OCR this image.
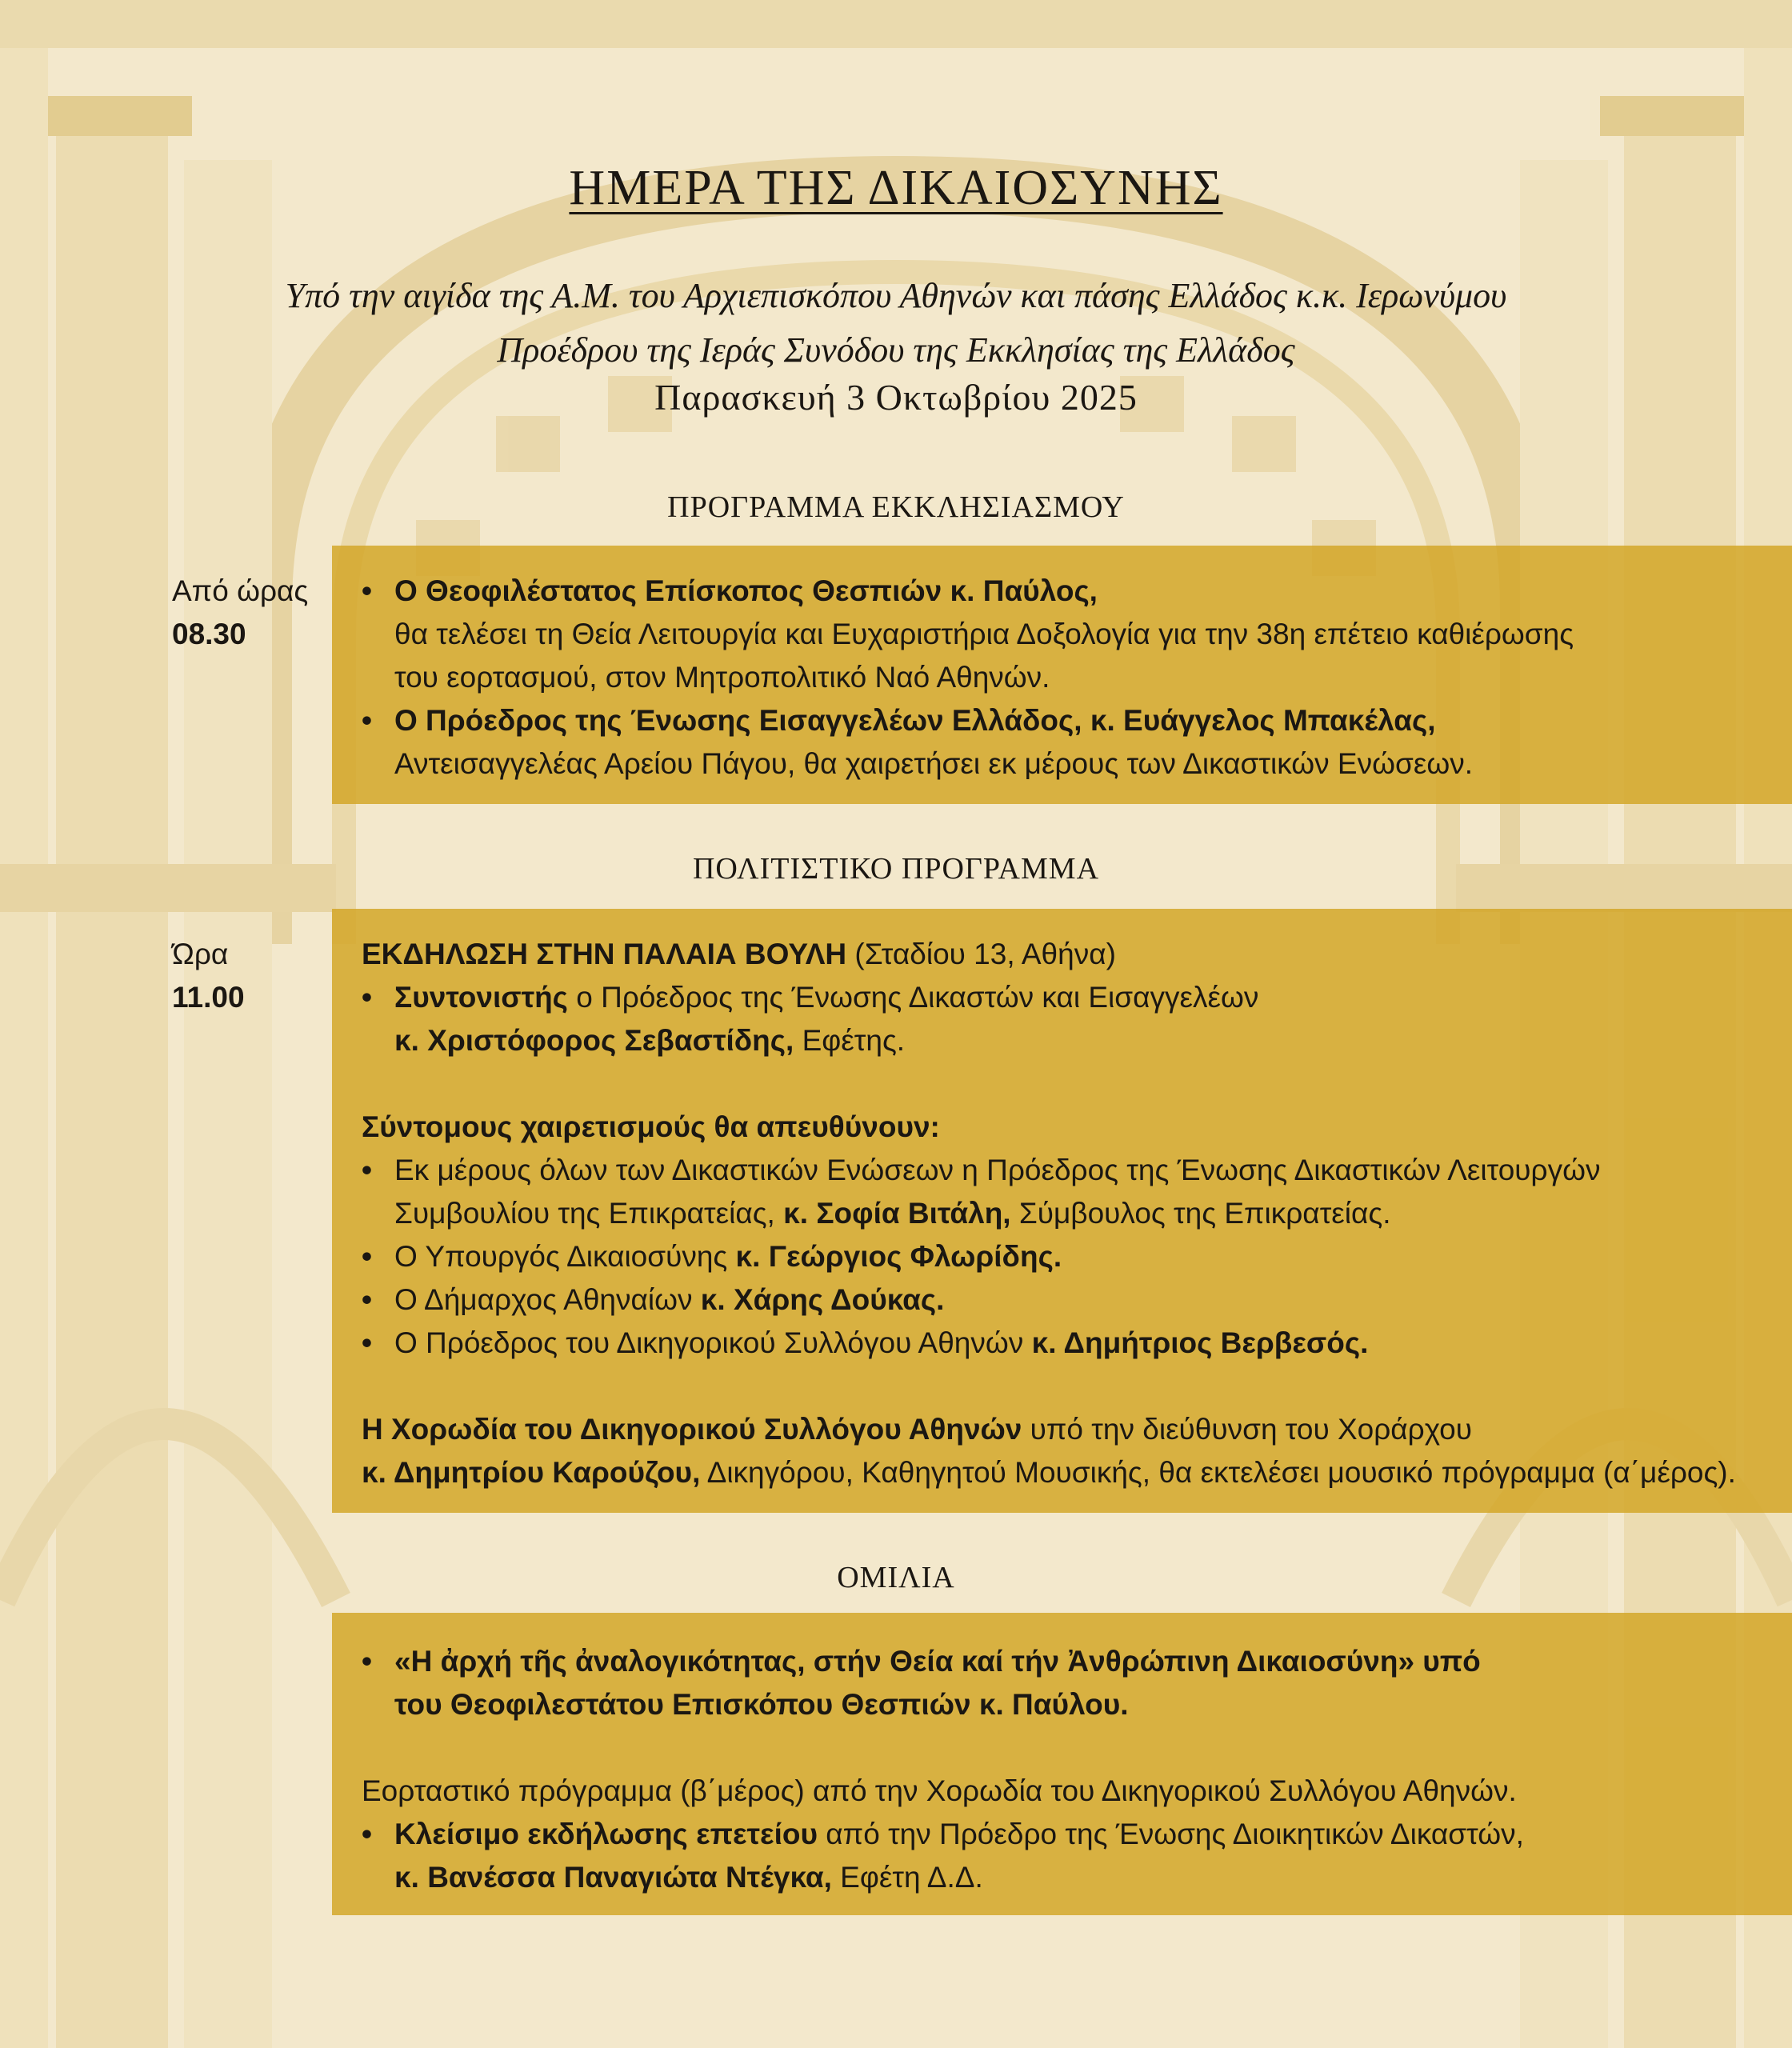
ΗΜΕΡΑ ΤΗΣ ΔΙΚΑΙΟΣΥΝΗΣ
Υπό την αιγίδα της Α.Μ. του Αρχιεπισκόπου Αθηνών και πάσης Ελλάδος κ.κ. Ιερωνύμου
Προέδρου της Ιεράς Συνόδου της Εκκλησίας της Ελλάδος
Παρασκευή 3 Οκτωβρίου 2025
ΠΡΟΓΡΑΜΜΑ ΕΚΚΛΗΣΙΑΣΜΟΥ
Από ώρας
08.30
• Ο Θεοφιλέστατος Επίσκοπος Θεσπιών κ. Παύλος,
θα τελέσει τη Θεία Λειτουργία και Ευχαριστήρια Δοξολογία για την 38η επέτειο καθιέρωσης
του εορτασμού, στον Μητροπολιτικό Ναό Αθηνών.
• Ο Πρόεδρος της Ένωσης Εισαγγελέων Ελλάδος, κ. Ευάγγελος Μπακέλας,
Αντεισαγγελέας Αρείου Πάγου, θα χαιρετήσει εκ μέρους των Δικαστικών Ενώσεων.
ΠΟΛΙΤΙΣΤΙΚΟ ΠΡΟΓΡΑΜΜΑ
Ώρα
11.00
ΕΚΔΗΛΩΣΗ ΣΤΗΝ ΠΑΛΑΙΑ ΒΟΥΛΗ (Σταδίου 13, Αθήνα)
• Συντονιστής ο Πρόεδρος της Ένωσης Δικαστών και Εισαγγελέων
κ. Χριστόφορος Σεβαστίδης, Εφέτης.
Σύντομους χαιρετισμούς θα απευθύνουν:
• Εκ μέρους όλων των Δικαστικών Ενώσεων η Πρόεδρος της Ένωσης Δικαστικών Λειτουργών
Συμβουλίου της Επικρατείας, κ. Σοφία Βιτάλη, Σύμβουλος της Επικρατείας.
• Ο Υπουργός Δικαιοσύνης κ. Γεώργιος Φλωρίδης.
• Ο Δήμαρχος Αθηναίων κ. Χάρης Δούκας.
• Ο Πρόεδρος του Δικηγορικού Συλλόγου Αθηνών κ. Δημήτριος Βερβεσός.
Η Χορωδία του Δικηγορικού Συλλόγου Αθηνών υπό την διεύθυνση του Χοράρχου
κ. Δημητρίου Καρούζου, Δικηγόρου, Καθηγητού Μουσικής, θα εκτελέσει μουσικό πρόγραμμα (α΄μέρος).
ΟΜΙΛΙΑ
• «Η ἀρχή τῆς ἀναλογικότητας, στήν Θεία καί τήν Ἀνθρώπινη Δικαιοσύνη» υπό
του Θεοφιλεστάτου Επισκόπου Θεσπιών κ. Παύλου.
Εορταστικό πρόγραμμα (β΄μέρος) από την Χορωδία του Δικηγορικού Συλλόγου Αθηνών.
• Κλείσιμο εκδήλωσης επετείου από την Πρόεδρο της Ένωσης Διοικητικών Δικαστών,
κ. Βανέσσα Παναγιώτα Ντέγκα, Εφέτη Δ.Δ.
